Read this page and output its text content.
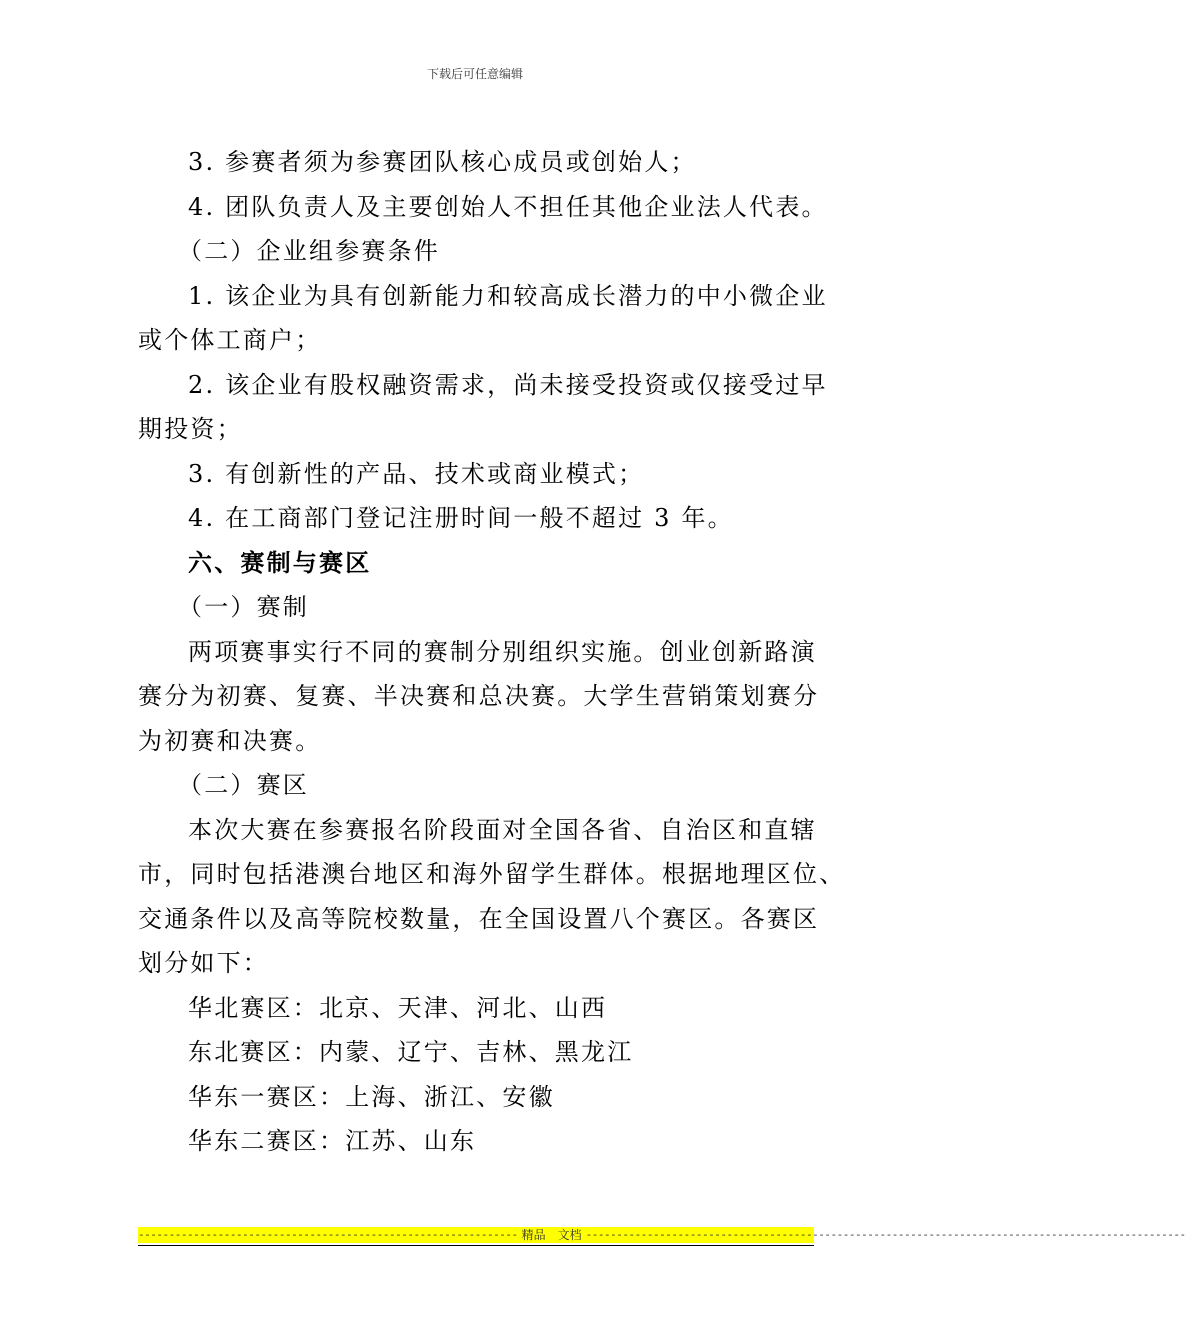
下载后可任意编辑
3. 参赛者须为参赛团队核心成员或创始人；
4. 团队负责人及主要创始人不担任其他企业法人代表。
（二）企业组参赛条件
1. 该企业为具有创新能力和较高成长潜力的中小微企业
或个体工商户；
2. 该企业有股权融资需求，尚未接受投资或仅接受过早
期投资；
3. 有创新性的产品、技术或商业模式；
4. 在工商部门登记注册时间一般不超过 3 年。
六、赛制与赛区
（一）赛制
两项赛事实行不同的赛制分别组织实施。创业创新路演
赛分为初赛、复赛、半决赛和总决赛。大学生营销策划赛分
为初赛和决赛。
（二）赛区
本次大赛在参赛报名阶段面对全国各省、自治区和直辖
市，同时包括港澳台地区和海外留学生群体。根据地理区位、
交通条件以及高等院校数量，在全国设置八个赛区。各赛区
划分如下：
华北赛区：北京、天津、河北、山西
东北赛区：内蒙、辽宁、吉林、黑龙江
华东一赛区：上海、浙江、安徽
华东二赛区：江苏、山东
-------------------------------------------------------------- 精品　文档 --------------------------------------------------------------------------------------------------
